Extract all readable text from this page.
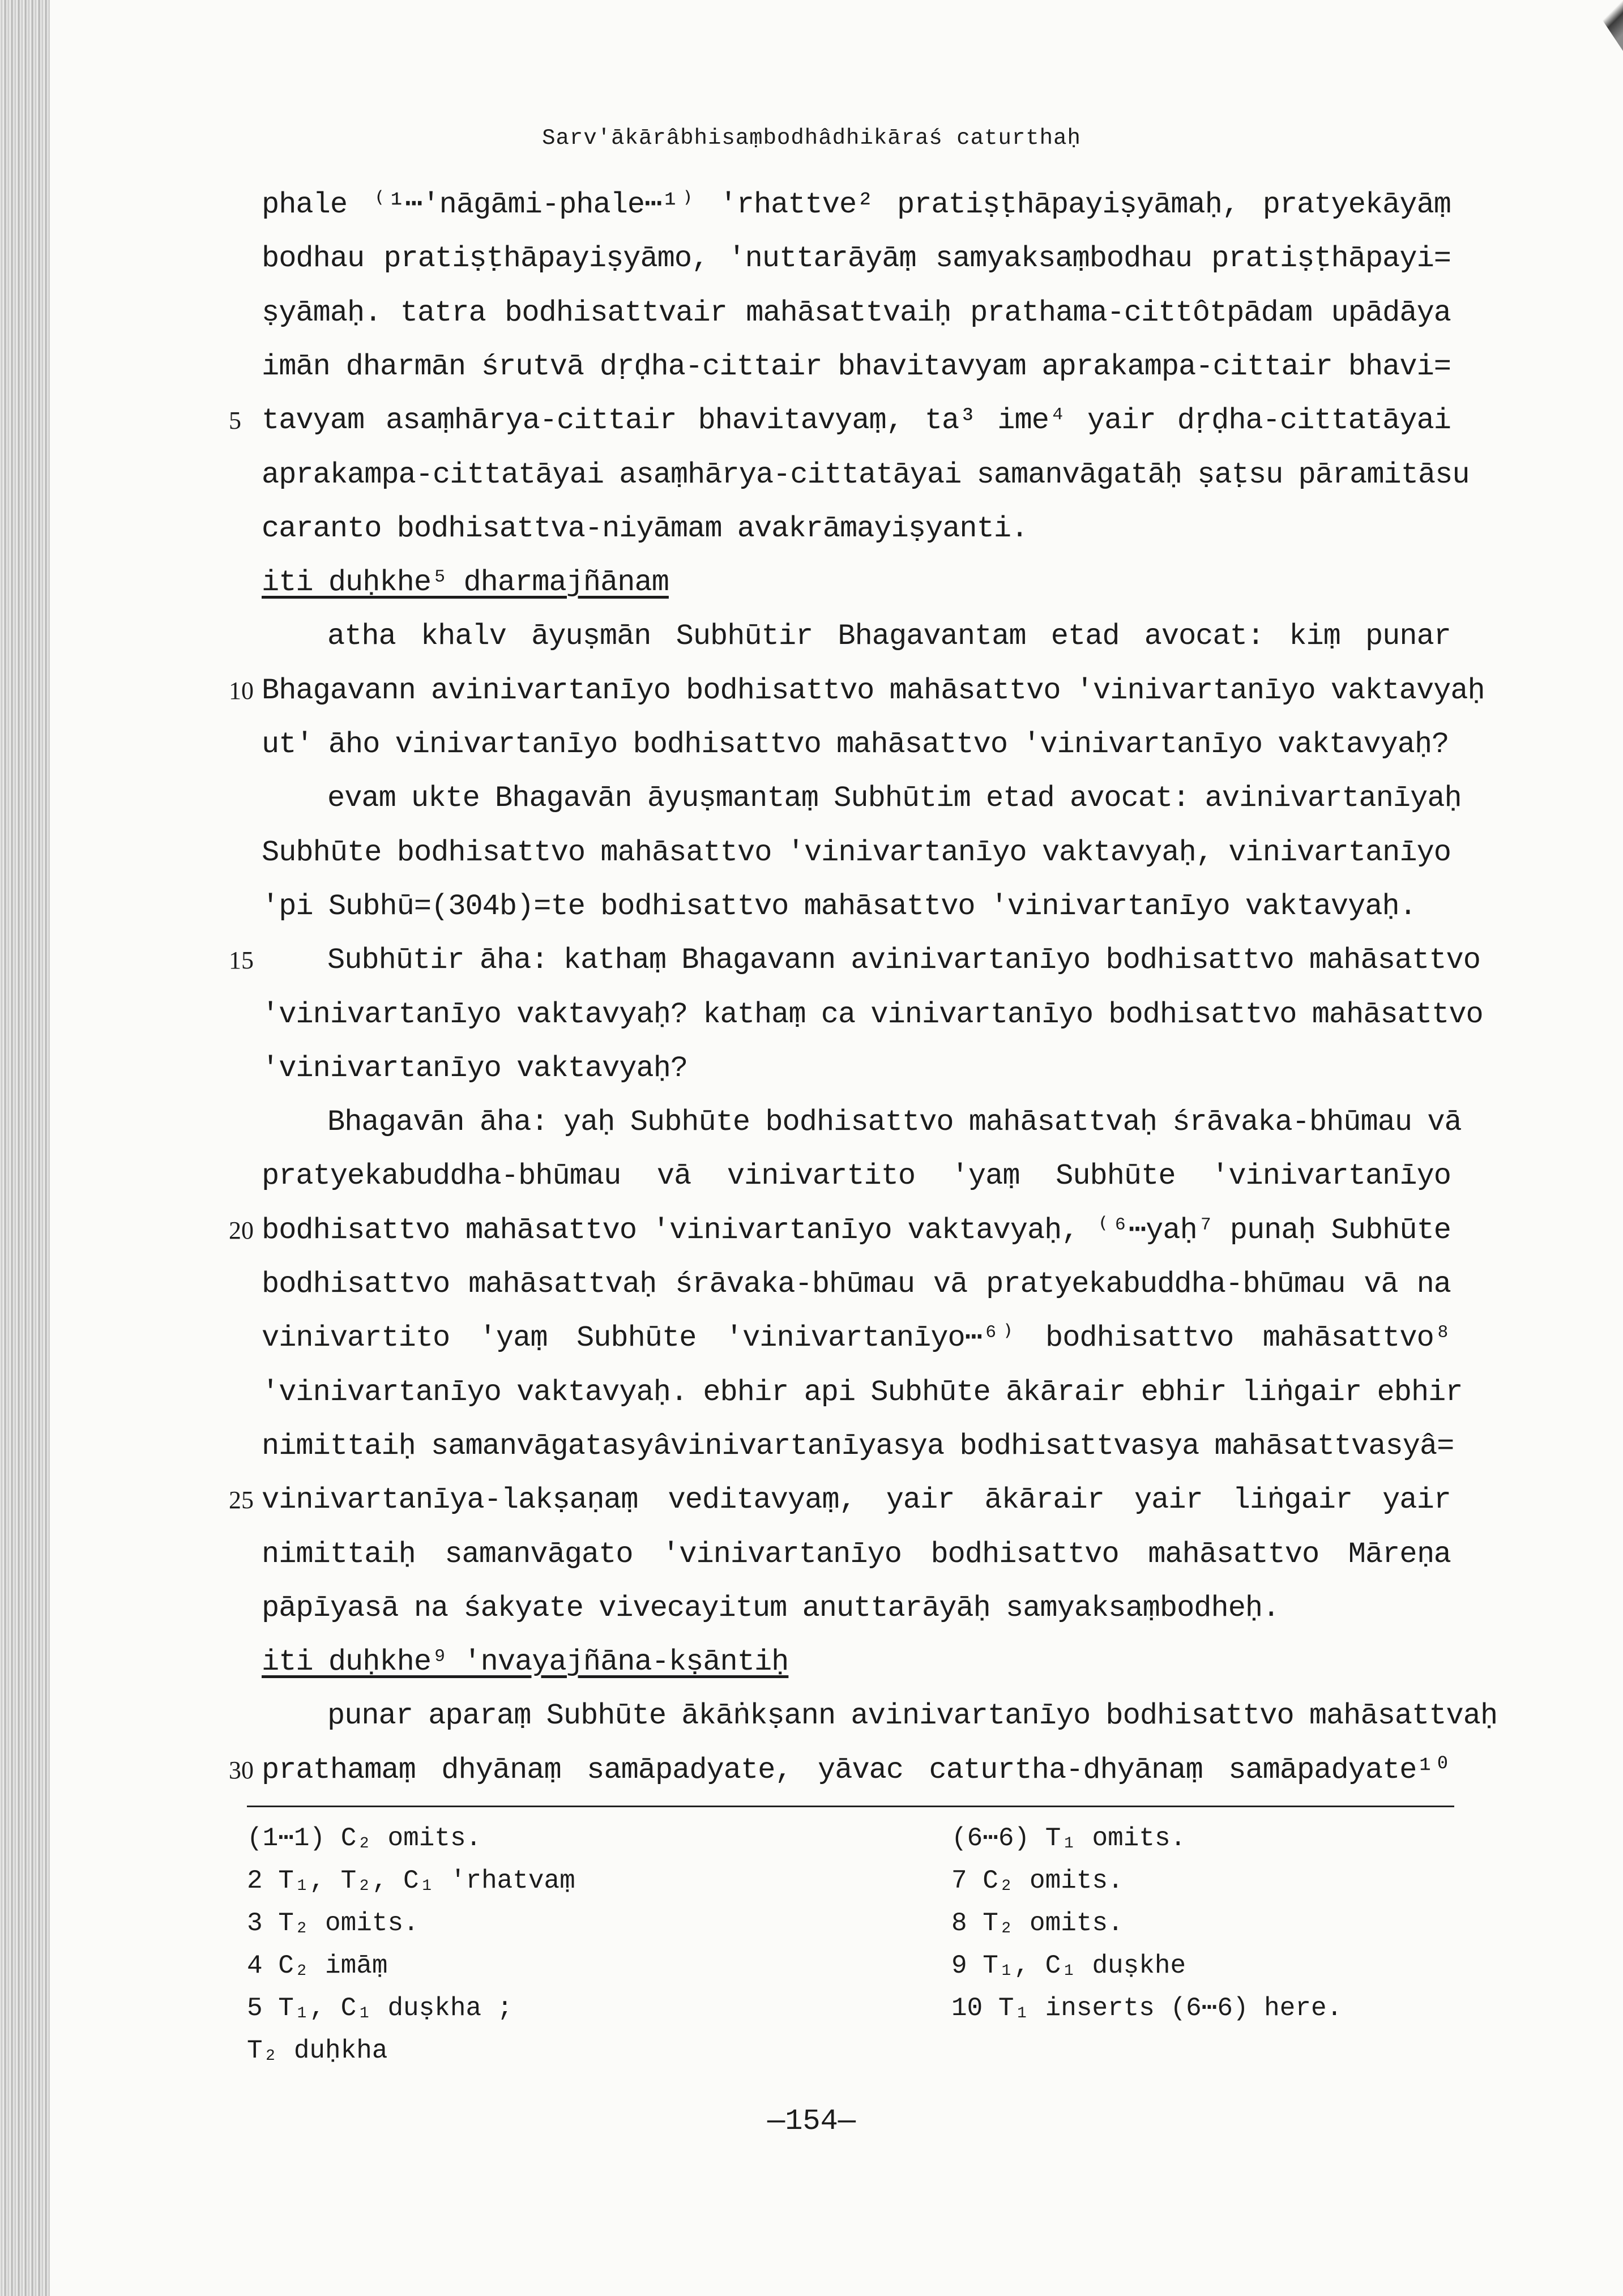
Sarv'ākārâbhisaṃbodhâdhikāraś caturthaḥ
phale ⁽¹⋯'nāgāmi-phale⋯¹⁾ 'rhattve² pratiṣṭhāpayiṣyāmaḥ, pratyekāyāṃ
bodhau pratiṣṭhāpayiṣyāmo, 'nuttarāyāṃ samyaksaṃbodhau pratiṣṭhāpayi=
ṣyāmaḥ. tatra bodhisattvair mahāsattvaiḥ prathama-cittôtpādam upādāya
imān dharmān śrutvā dṛḍha-cittair bhavitavyam aprakampa-cittair bhavi=
5 tavyam asaṃhārya-cittair bhavitavyaṃ, ta³ ime⁴ yair dṛḍha-cittatāyai
aprakampa-cittatāyai asaṃhārya-cittatāyai samanvāgatāḥ ṣaṭsu pāramitāsu
caranto bodhisattva-niyāmam avakrāmayiṣyanti.
iti duḥkhe⁵ dharmajñānam
atha khalv āyuṣmān Subhūtir Bhagavantam etad avocat: kiṃ punar
10 Bhagavann avinivartanīyo bodhisattvo mahāsattvo 'vinivartanīyo vaktavyaḥ
ut' āho vinivartanīyo bodhisattvo mahāsattvo 'vinivartanīyo vaktavyaḥ?
evam ukte Bhagavān āyuṣmantaṃ Subhūtim etad avocat: avinivartanīyaḥ
Subhūte bodhisattvo mahāsattvo 'vinivartanīyo vaktavyaḥ, vinivartanīyo
'pi Subhū=(304b)=te bodhisattvo mahāsattvo 'vinivartanīyo vaktavyaḥ.
15	Subhūtir āha: kathaṃ Bhagavann avinivartanīyo bodhisattvo mahāsattvo
'vinivartanīyo vaktavyaḥ? kathaṃ ca vinivartanīyo bodhisattvo mahāsattvo
'vinivartanīyo vaktavyaḥ?
Bhagavān āha: yaḥ Subhūte bodhisattvo mahāsattvaḥ śrāvaka-bhūmau vā
pratyekabuddha-bhūmau vā vinivartito 'yaṃ Subhūte 'vinivartanīyo
20 bodhisattvo mahāsattvo 'vinivartanīyo vaktavyaḥ, ⁽⁶⋯yaḥ⁷ punaḥ Subhūte
bodhisattvo mahāsattvaḥ śrāvaka-bhūmau vā pratyekabuddha-bhūmau vā na
vinivartito 'yaṃ Subhūte 'vinivartanīyo⋯⁶⁾ bodhisattvo mahāsattvo⁸
'vinivartanīyo vaktavyaḥ. ebhir api Subhūte ākārair ebhir liṅgair ebhir
nimittaiḥ samanvāgatasyâvinivartanīyasya bodhisattvasya mahāsattvasyâ=
25 vinivartanīya-lakṣaṇaṃ veditavyaṃ, yair ākārair yair liṅgair yair
nimittaiḥ samanvāgato 'vinivartanīyo bodhisattvo mahāsattvo Māreṇa
pāpīyasā na śakyate vivecayitum anuttarāyāḥ samyaksaṃbodheḥ.
iti duḥkhe⁹ 'nvayajñāna-kṣāntiḥ
punar aparaṃ Subhūte ākāṅkṣann avinivartanīyo bodhisattvo mahāsattvaḥ
30 prathamaṃ dhyānaṃ samāpadyate, yāvac caturtha-dhyānaṃ samāpadyate¹⁰
(1⋯1) C₂ omits.
2 T₁, T₂, C₁ 'rhatvaṃ
3 T₂ omits.
4 C₂ imāṃ
5 T₁, C₁ duṣkha ;
T₂ duḥkha
(6⋯6) T₁ omits.
7 C₂ omits.
8 T₂ omits.
9 T₁, C₁ duṣkhe
10 T₁ inserts (6⋯6) here.
—154—
